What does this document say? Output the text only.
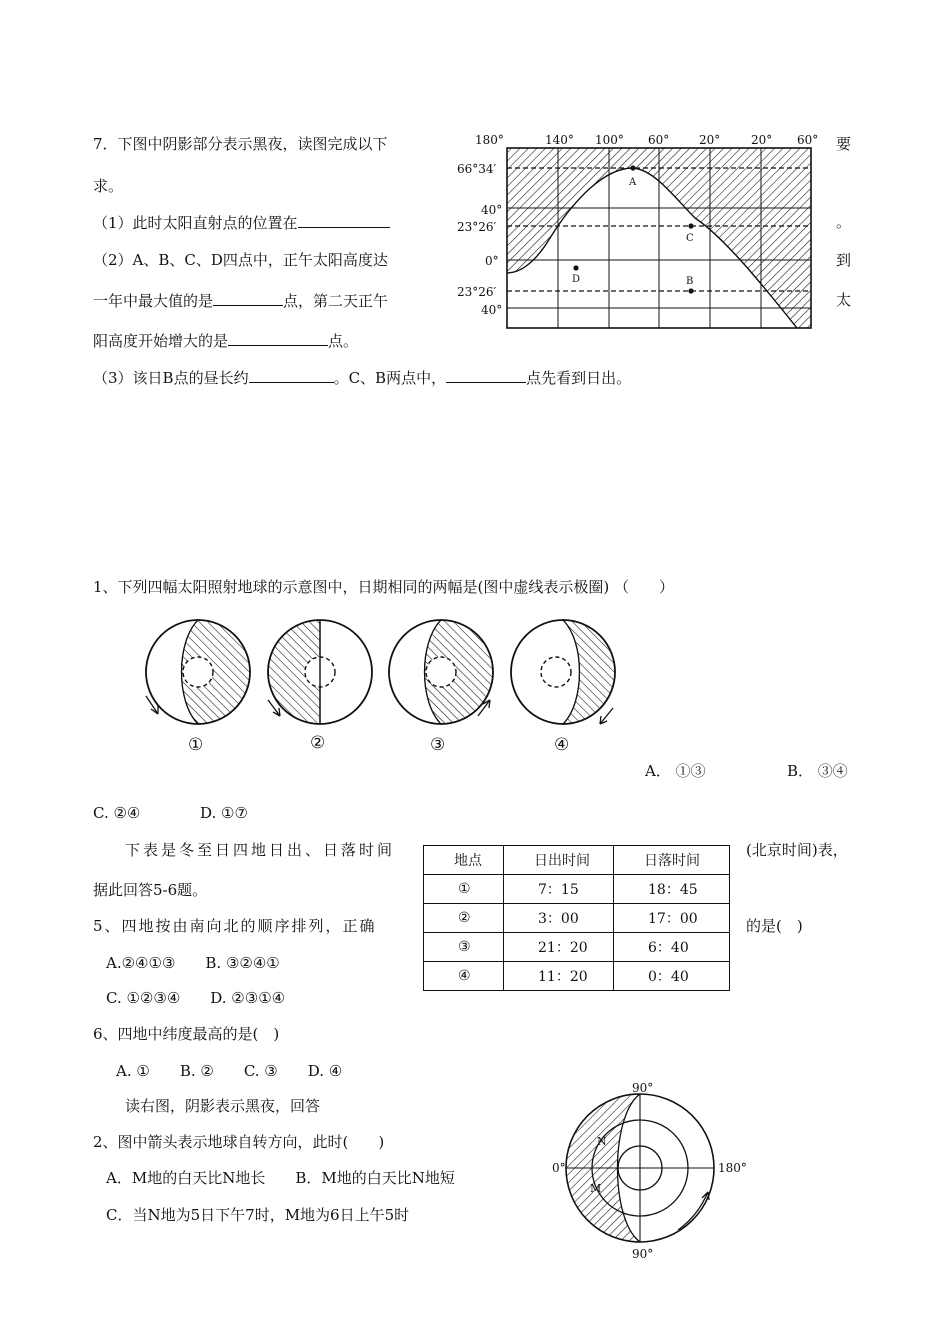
7．下图中阴影部分表示黑夜，读图完成以下	要
求。
（1）此时太阳直射点的位置在	。
（2）A、B、C、D四点中，正午太阳高度达	到
一年中最大值的是	点，第二天正午	太
阳高度开始增大的是	点。
（3）该日B点的昼长约	。C、B两点中，	点先看到日出。
180°	140° 100° 60° 20°	20° 60°
66°34′
40°
23°26′
0°
23°26′
40°
A
B
C
D
1、下列四幅太阳照射地球的示意图中，日期相同的两幅是(图中虚线表示极圈) （　　）
①	②	③	④
A． ①③	B． ③④
C. ②④	D. ①⑦
下表是冬至日四地日出、日落时间	(北京时间)表，
据此回答5-6题。
地点	日出时间	日落时间
①	7：15	18：45
②	3：00	17：00
③	21：20	6：40
④	11：20	0：40
5、四地按由南向北的顺序排列，正确	的是(　)
A.②④①③　　B. ③②④①
C. ①②③④　　D. ②③①④
6、四地中纬度最高的是(　)
A. ①　　B. ②　　C. ③　　D. ④
读右图，阴影表示黑夜，回答
2、图中箭头表示地球自转方向，此时(　　)
A．M地的白天比N地长　　B．M地的白天比N地短
C．当N地为5日下午7时，M地为6日上午5时
90°
90°
0°	180°
N
M
